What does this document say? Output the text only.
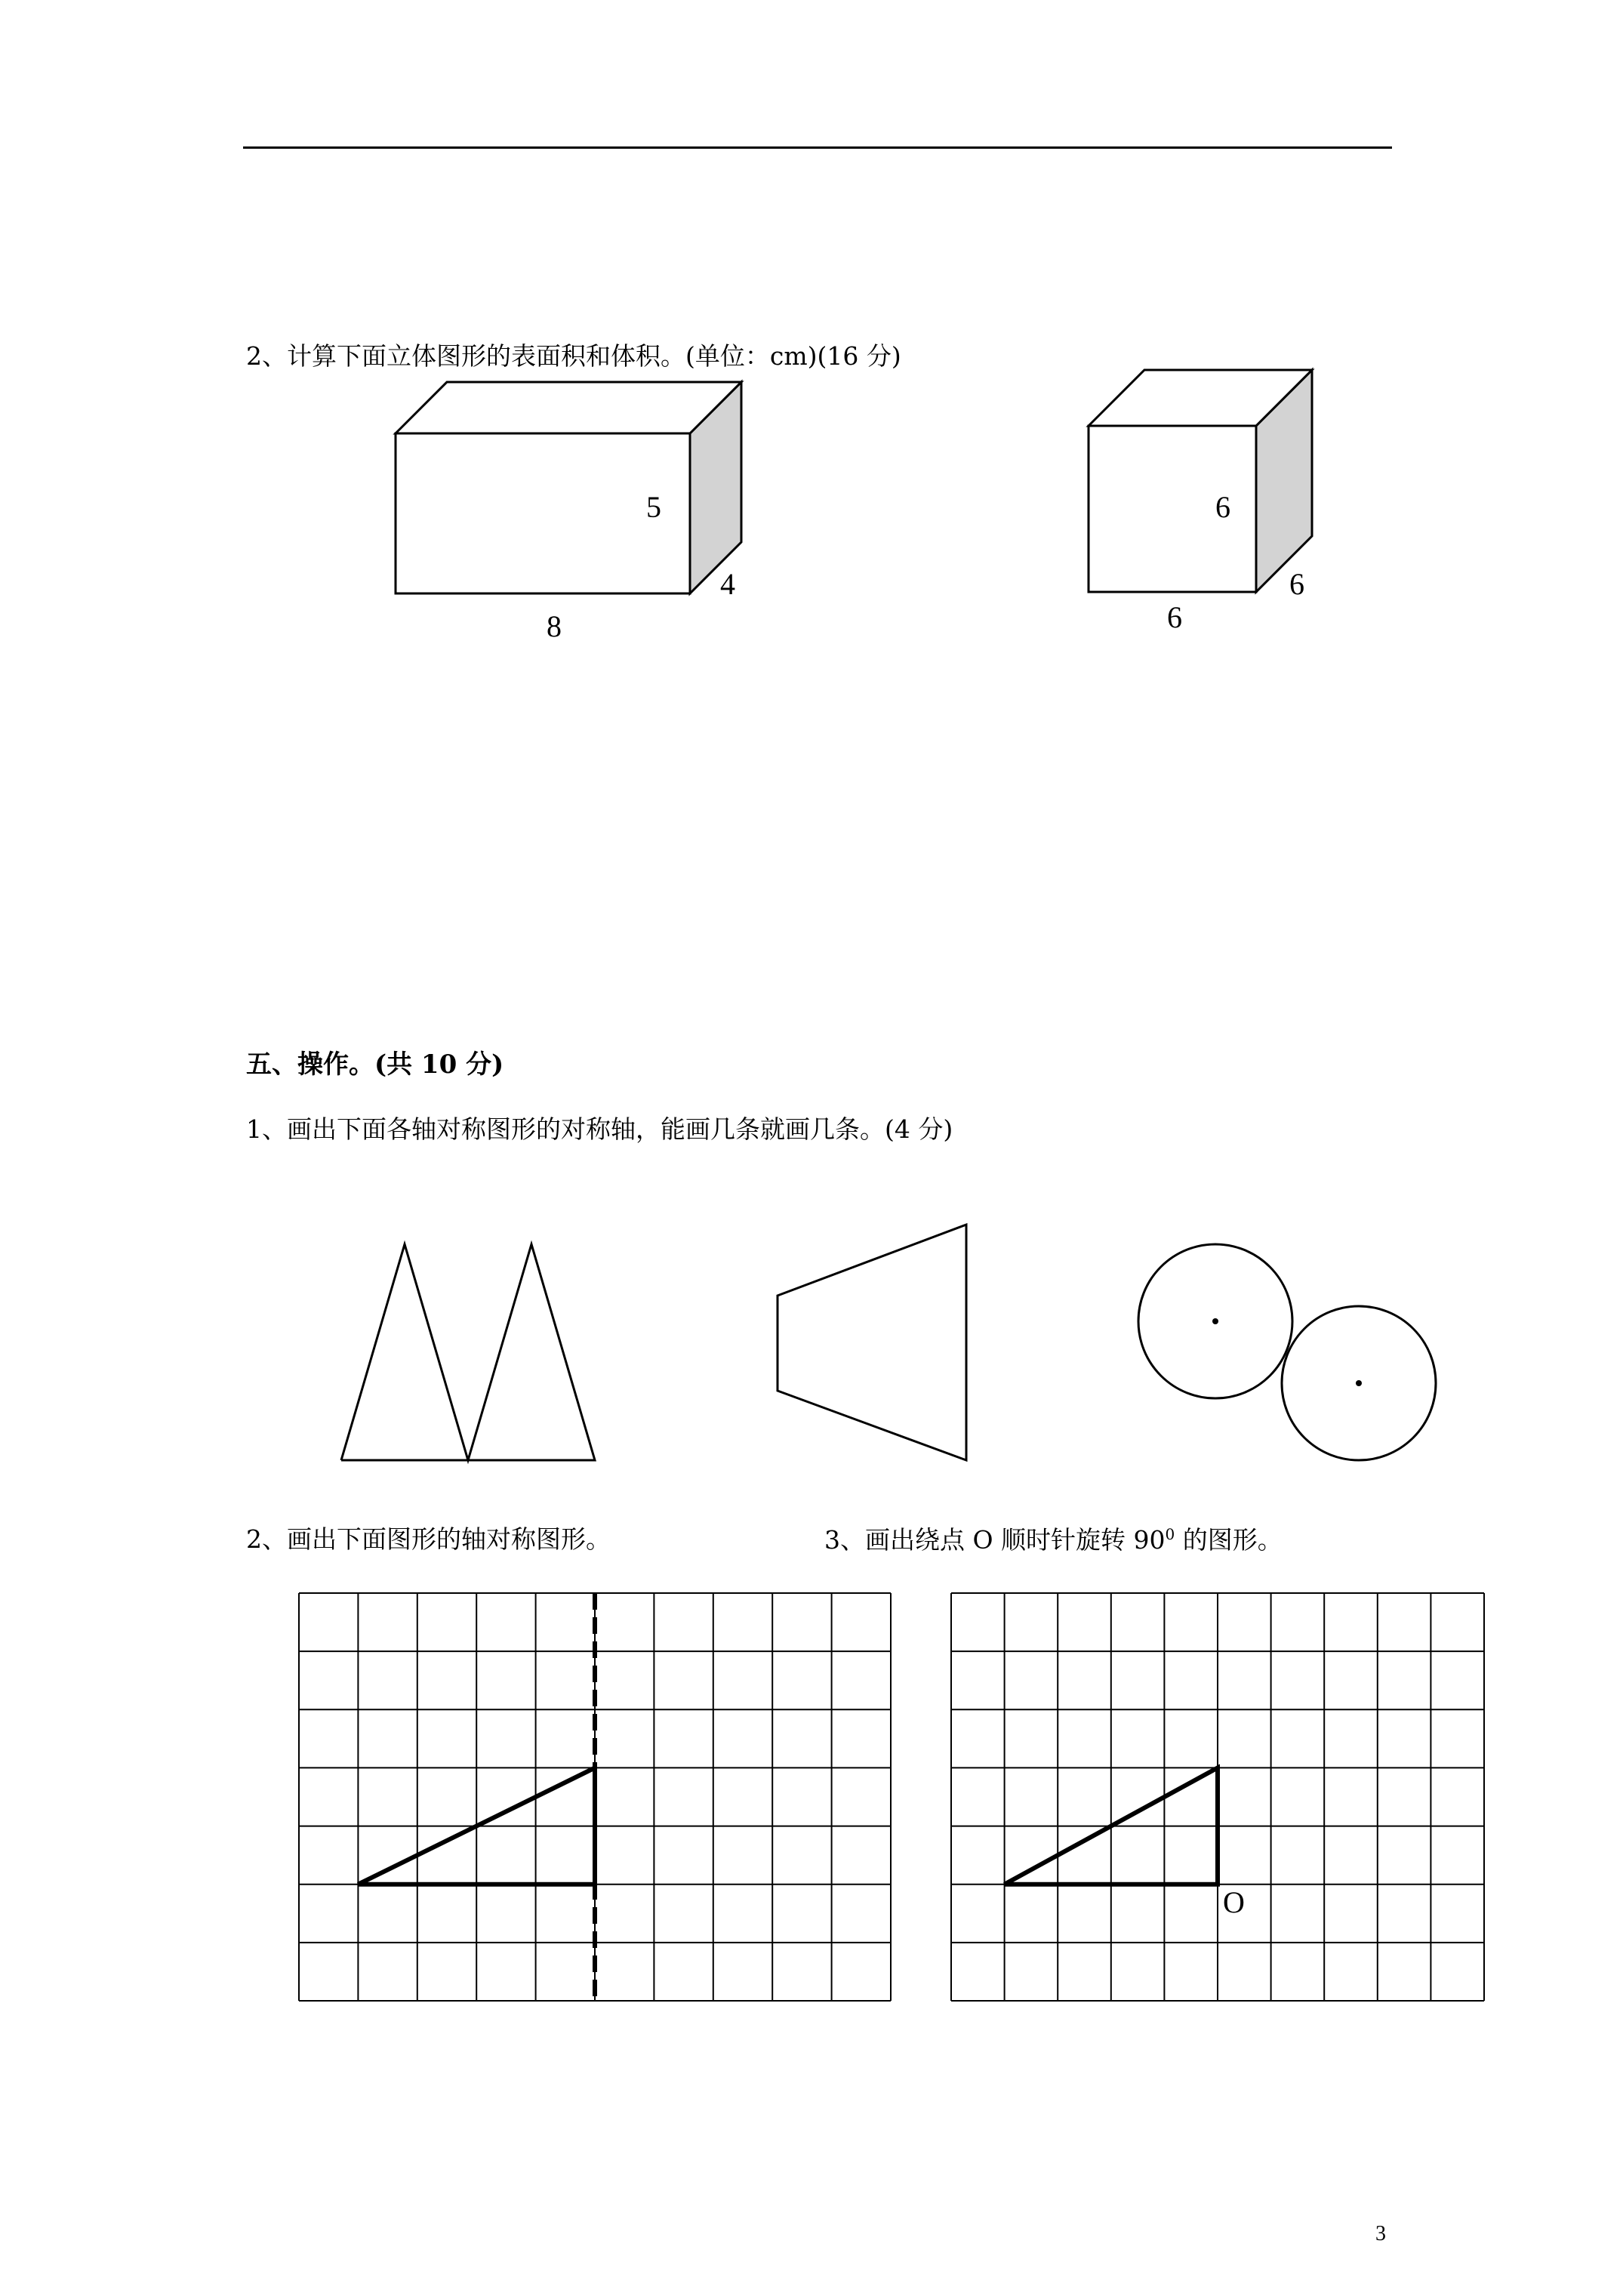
2、计算下面立体图形的表面积和体积。(单位：cm)(16 分)
5
4
8
6
6
6
五、操作。(共 10 分)
1、画出下面各轴对称图形的对称轴，能画几条就画几条。(4 分)
2、画出下面图形的轴对称图形。	3、画出绕点 O 顺时针旋转 $90^0$ 的图形。
O
3
